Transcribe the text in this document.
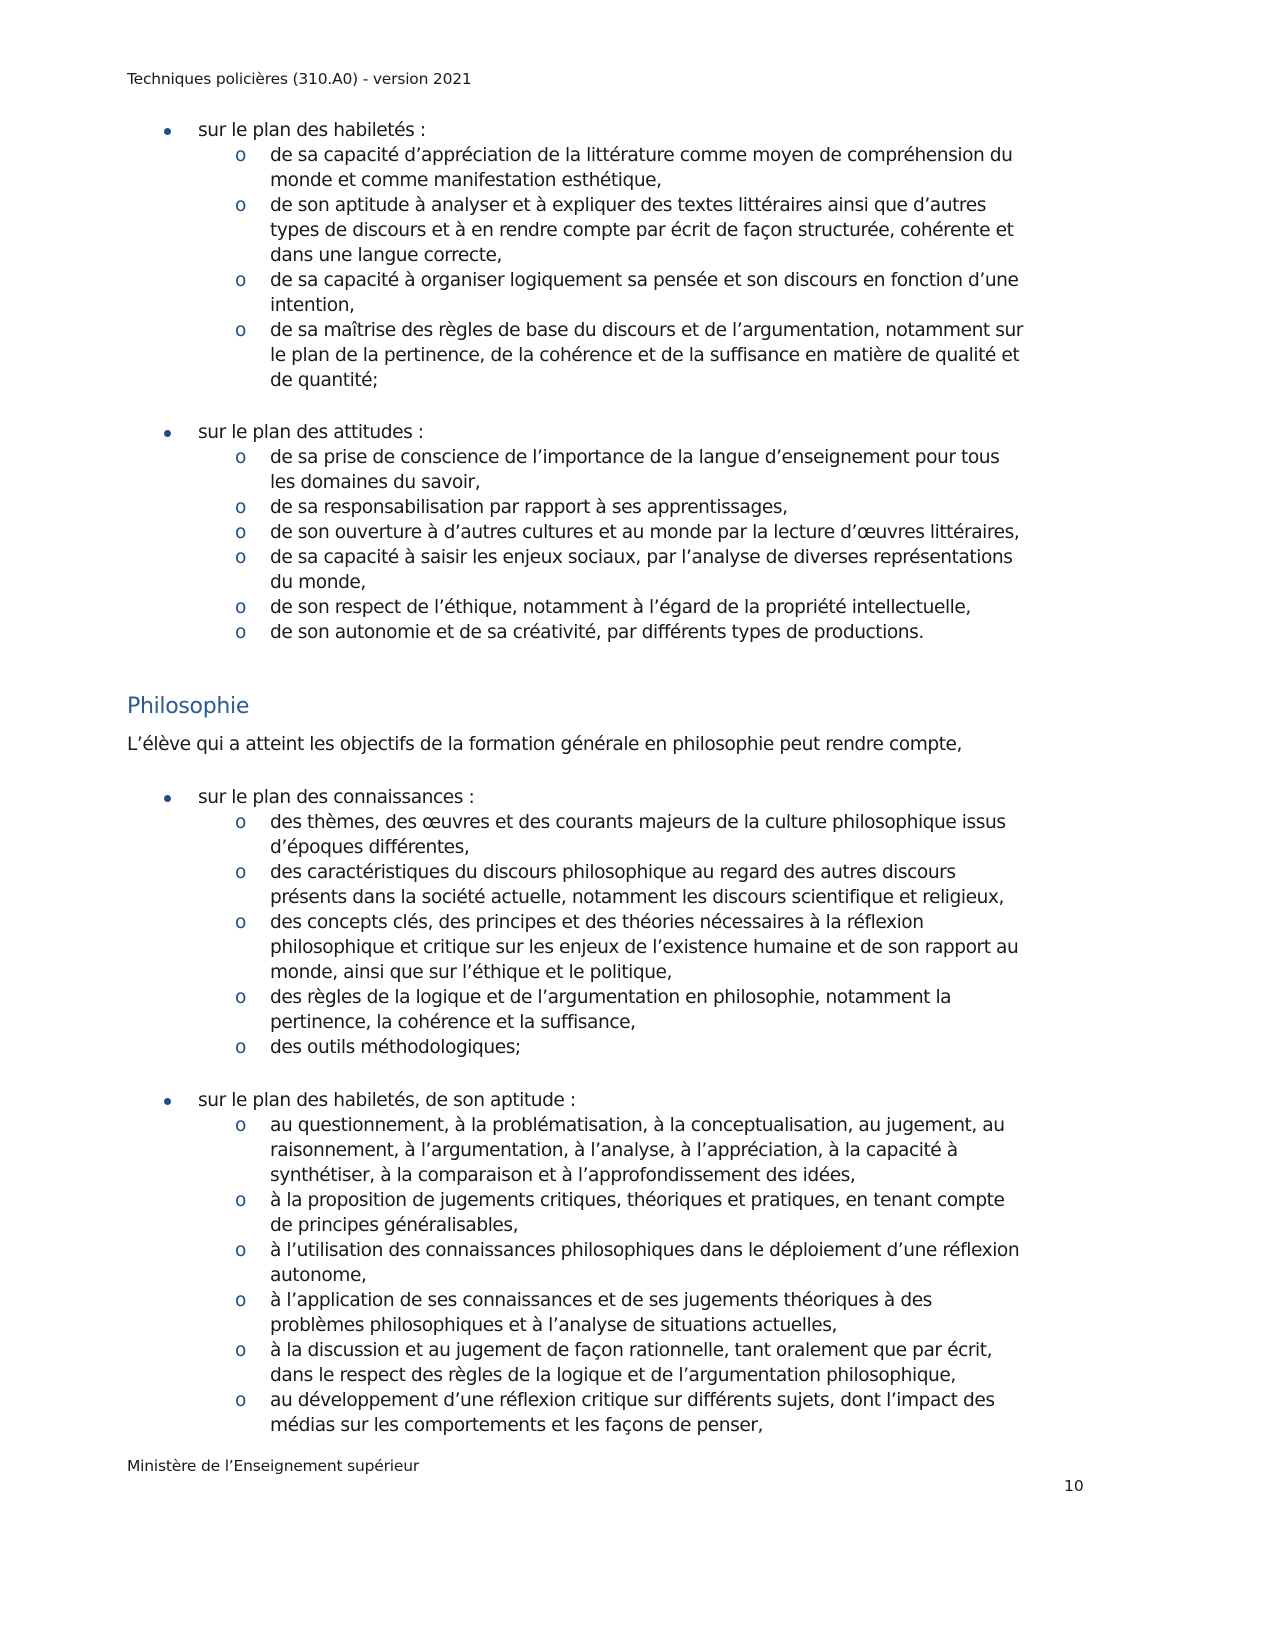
Techniques policières (310.A0) - version 2021
sur le plan des habiletés :
o de sa capacité d’appréciation de la littérature comme moyen de compréhension du
monde et comme manifestation esthétique,
o de son aptitude à analyser et à expliquer des textes littéraires ainsi que d’autres
types de discours et à en rendre compte par écrit de façon structurée, cohérente et
dans une langue correcte,
o de sa capacité à organiser logiquement sa pensée et son discours en fonction d’une
intention,
o de sa maîtrise des règles de base du discours et de l’argumentation, notamment sur
le plan de la pertinence, de la cohérence et de la suffisance en matière de qualité et
de quantité;
sur le plan des attitudes :
o de sa prise de conscience de l’importance de la langue d’enseignement pour tous
les domaines du savoir,
o de sa responsabilisation par rapport à ses apprentissages,
o de son ouverture à d’autres cultures et au monde par la lecture d’œuvres littéraires,
o de sa capacité à saisir les enjeux sociaux, par l’analyse de diverses représentations
du monde,
o de son respect de l’éthique, notamment à l’égard de la propriété intellectuelle,
o de son autonomie et de sa créativité, par différents types de productions.
Philosophie
L’élève qui a atteint les objectifs de la formation générale en philosophie peut rendre compte,
sur le plan des connaissances :
o des thèmes, des œuvres et des courants majeurs de la culture philosophique issus
d’époques différentes,
o des caractéristiques du discours philosophique au regard des autres discours
présents dans la société actuelle, notamment les discours scientifique et religieux,
o des concepts clés, des principes et des théories nécessaires à la réflexion
philosophique et critique sur les enjeux de l’existence humaine et de son rapport au
monde, ainsi que sur l’éthique et le politique,
o des règles de la logique et de l’argumentation en philosophie, notamment la
pertinence, la cohérence et la suffisance,
o des outils méthodologiques;
sur le plan des habiletés, de son aptitude :
o au questionnement, à la problématisation, à la conceptualisation, au jugement, au
raisonnement, à l’argumentation, à l’analyse, à l’appréciation, à la capacité à
synthétiser, à la comparaison et à l’approfondissement des idées,
o à la proposition de jugements critiques, théoriques et pratiques, en tenant compte
de principes généralisables,
o à l’utilisation des connaissances philosophiques dans le déploiement d’une réflexion
autonome,
o à l’application de ses connaissances et de ses jugements théoriques à des
problèmes philosophiques et à l’analyse de situations actuelles,
o à la discussion et au jugement de façon rationnelle, tant oralement que par écrit,
dans le respect des règles de la logique et de l’argumentation philosophique,
o au développement d’une réflexion critique sur différents sujets, dont l’impact des
médias sur les comportements et les façons de penser,
Ministère de l’Enseignement supérieur
10
